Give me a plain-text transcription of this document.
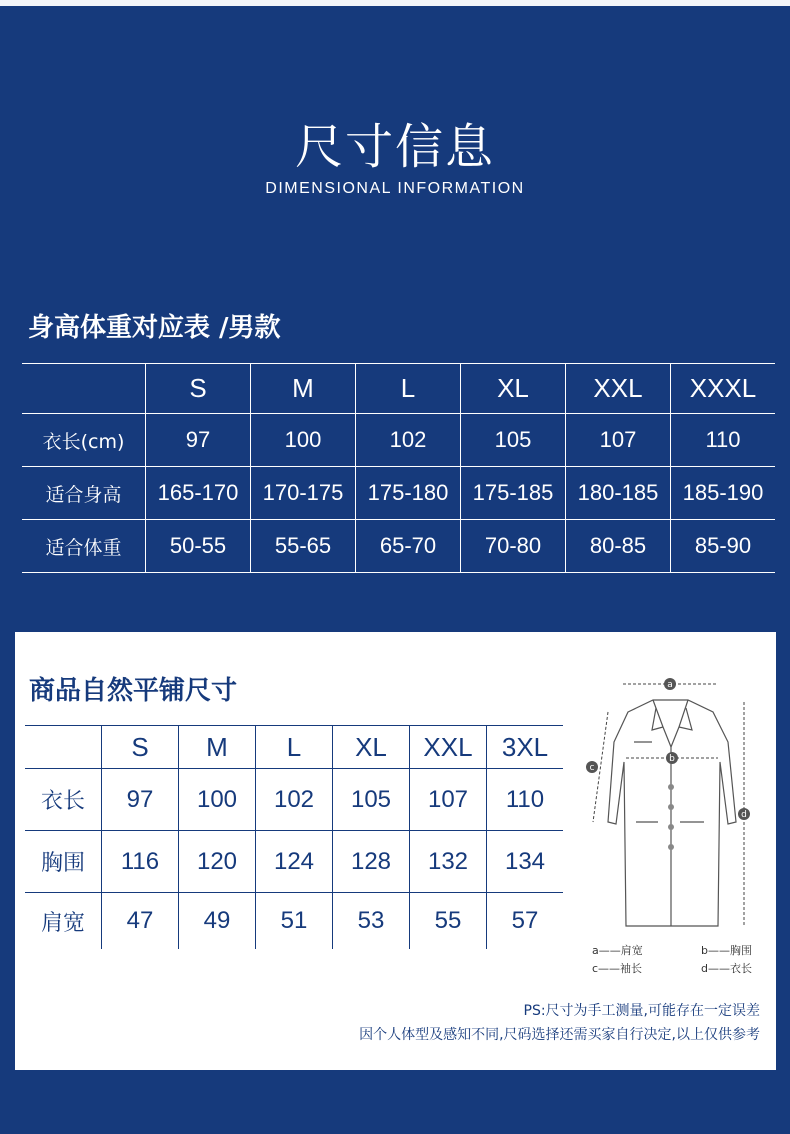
尺寸信息
DIMENSIONAL INFORMATION
身高体重对应表 /男款
	S	M	L	XL	XXL	XXXL
衣长(cm)	97	100	102	105	107	110
适合身高	165-170	170-175	175-180	175-185	180-185	185-190
适合体重	50-55	55-65	65-70	70-80	80-85	85-90
商品自然平铺尺寸
	S	M	L	XL	XXL	3XL
衣长	97	100	102	105	107	110
胸围	116	120	124	128	132	134
肩宽	47	49	51	53	55	57
a
b
c
d
a——肩宽	b——胸围
c——袖长	d——衣长
PS:尺寸为手工测量,可能存在一定误差
因个人体型及感知不同,尺码选择还需买家自行决定,以上仅供参考
